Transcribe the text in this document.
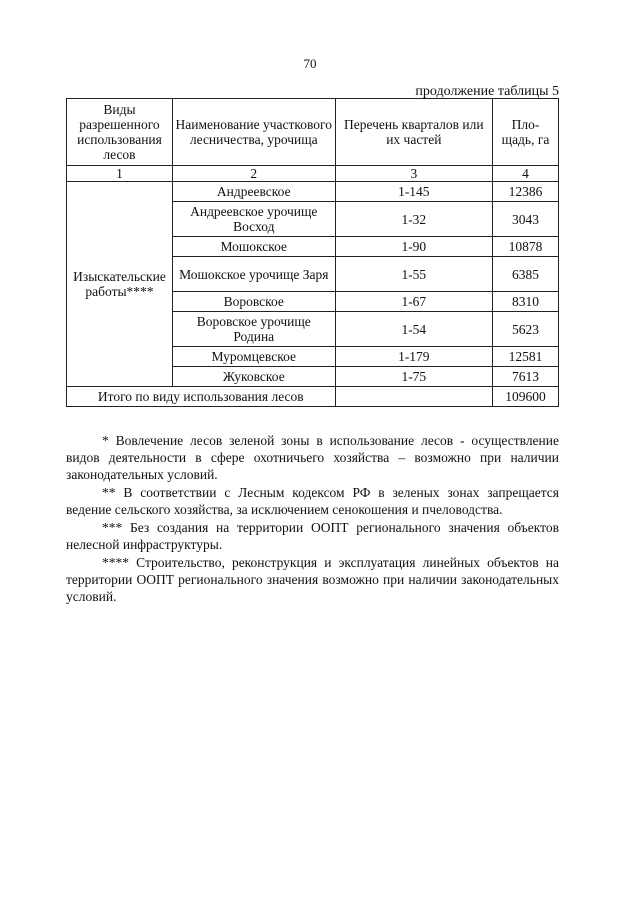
70
продолжение таблицы 5
Виды разрешенного использования лесов	Наименование участкового лесничества, урочища	Перечень кварталов или их частей	Пло-щадь, га
1	2	3	4
Изыскательские работы****	Андреевское	1-145	12386
	Андреевское урочище Восход	1-32	3043
	Мошокское	1-90	10878
	Мошокское урочище Заря	1-55	6385
	Воровское	1-67	8310
	Воровское урочище Родина	1-54	5623
	Муромцевское	1-179	12581
	Жуковское	1-75	7613
Итого по виду использования лесов			109600

* Вовлечение лесов зеленой зоны в использование лесов - осуществление видов деятельности в сфере охотничьего хозяйства – возможно при наличии законодательных условий.

** В соответствии с Лесным кодексом РФ в зеленых зонах запрещается ведение сельского хозяйства, за исключением сенокошения и пчеловодства.

*** Без создания на территории ООПТ регионального значения объектов нелесной инфраструктуры.

**** Строительство, реконструкция и эксплуатация линейных объектов на территории ООПТ регионального значения возможно при наличии законодательных условий.
